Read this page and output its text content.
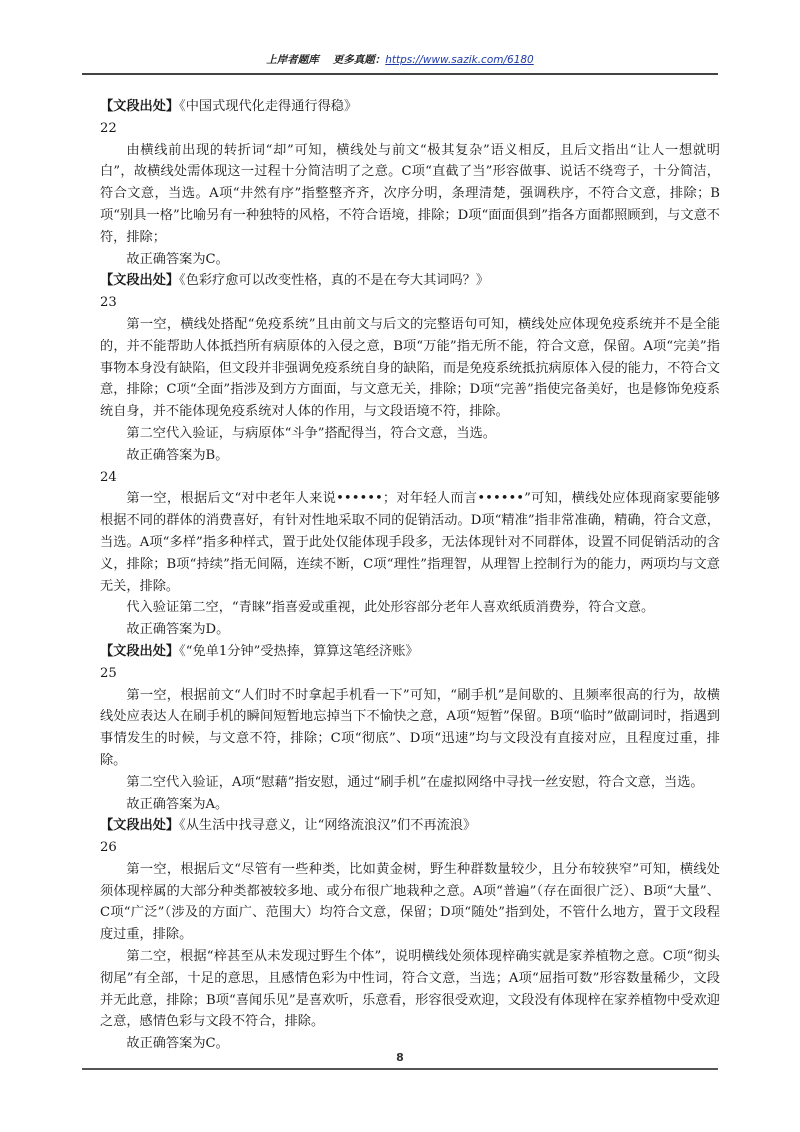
上岸者题库 更多真题：https://www.sazik.com/6180

【文段出处】《中国式现代化走得通行得稳》

22

由横线前出现的转折词“却”可知，横线处与前文“极其复杂”语义相反，且后文指出“让人一想就明白”，故横线处需体现这一过程十分简洁明了之意。C项“直截了当”形容做事、说话不绕弯子，十分简洁，符合文意，当选。A项“井然有序”指整整齐齐，次序分明，条理清楚，强调秩序，不符合文意，排除；B项“别具一格”比喻另有一种独特的风格，不符合语境，排除；D项“面面俱到”指各方面都照顾到，与文意不符，排除；

故正确答案为C。

【文段出处】《色彩疗愈可以改变性格，真的不是在夸大其词吗？》

23

第一空，横线处搭配“免疫系统”且由前文与后文的完整语句可知，横线处应体现免疫系统并不是全能的，并不能帮助人体抵挡所有病原体的入侵之意，B项“万能”指无所不能，符合文意，保留。A项“完美”指事物本身没有缺陷，但文段并非强调免疫系统自身的缺陷，而是免疫系统抵抗病原体入侵的能力，不符合文意，排除；C项“全面”指涉及到方方面面，与文意无关，排除；D项“完善”指使完备美好，也是修饰免疫系统自身，并不能体现免疫系统对人体的作用，与文段语境不符，排除。

第二空代入验证，与病原体“斗争”搭配得当，符合文意，当选。

故正确答案为B。

24

第一空，根据后文“对中老年人来说••••••；对年轻人而言••••••”可知，横线处应体现商家要能够根据不同的群体的消费喜好，有针对性地采取不同的促销活动。D项“精准”指非常准确，精确，符合文意，当选。A项“多样”指多种样式，置于此处仅能体现手段多，无法体现针对不同群体，设置不同促销活动的含义，排除；B项“持续”指无间隔，连续不断，C项“理性”指理智，从理智上控制行为的能力，两项均与文意无关，排除。

代入验证第二空，“青睐”指喜爱或重视，此处形容部分老年人喜欢纸质消费券，符合文意。

故正确答案为D。

【文段出处】《“免单1分钟”受热捧，算算这笔经济账》

25

第一空，根据前文“人们时不时拿起手机看一下”可知，“刷手机”是间歇的、且频率很高的行为，故横线处应表达人在刷手机的瞬间短暂地忘掉当下不愉快之意，A项“短暂”保留。B项“临时”做副词时，指遇到事情发生的时候，与文意不符，排除；C项“彻底”、D项“迅速”均与文段没有直接对应，且程度过重，排除。

第二空代入验证，A项“慰藉”指安慰，通过“刷手机”在虚拟网络中寻找一丝安慰，符合文意，当选。

故正确答案为A。

【文段出处】《从生活中找寻意义，让“网络流浪汉”们不再流浪》

26

第一空，根据后文“尽管有一些种类，比如黄金树，野生种群数量较少，且分布较狭窄”可知，横线处须体现梓属的大部分种类都被较多地、或分布很广地栽种之意。A项“普遍”（存在面很广泛）、B项“大量”、C项“广泛”（涉及的方面广、范围大）均符合文意，保留；D项“随处”指到处，不管什么地方，置于文段程度过重，排除。

第二空，根据“梓甚至从未发现过野生个体”，说明横线处须体现梓确实就是家养植物之意。C项“彻头彻尾”有全部，十足的意思，且感情色彩为中性词，符合文意，当选；A项“屈指可数”形容数量稀少，文段并无此意，排除；B项“喜闻乐见”是喜欢听，乐意看，形容很受欢迎，文段没有体现梓在家养植物中受欢迎之意，感情色彩与文段不符合，排除。

故正确答案为C。

8
